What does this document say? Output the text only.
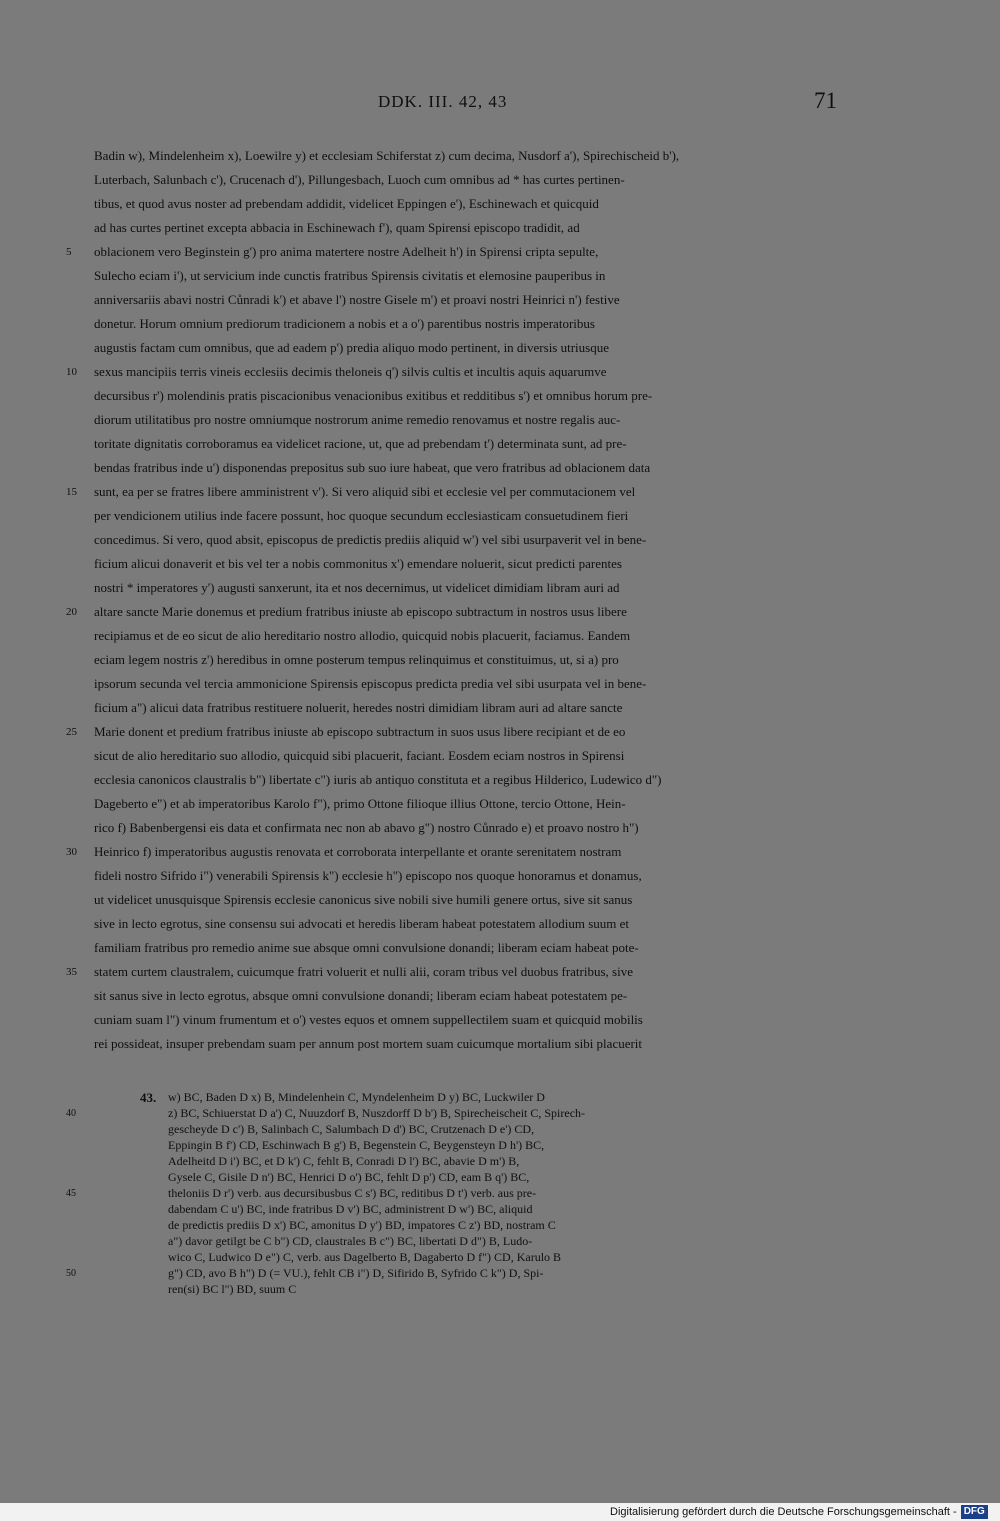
DDK. III. 42, 43	71
Badin w), Mindelenheim x), Loewilre y) et ecclesiam Schiferstat z) cum decima, Nusdorf a'), Spirechischeid b'),
Luterbach, Salunbach c'), Crucenach d'), Pillungesbach, Luoch cum omnibus ad * has curtes pertinen-
tibus, et quod avus noster ad prebendam addidit, videlicet Eppingen e'), Eschinewach et quicquid
ad has curtes pertinet excepta abbacia in Eschinewach f'), quam Spirensi episcopo tradidit, ad
oblacionem vero Beginstein g') pro anima matertere nostre Adelheit h') in Spirensi cripta sepulte,
Sulecho eciam i'), ut servicium inde cunctis fratribus Spirensis civitatis et elemosine pauperibus in
anniversariis abavi nostri Cůnradi k') et abave l') nostre Gisele m') et proavi nostri Heinrici n') festive
donetur. Horum omnium prediorum tradicionem a nobis et a o') parentibus nostris imperatoribus
augustis factam cum omnibus, que ad eadem p') predia aliquo modo pertinent, in diversis utriusque
sexus mancipiis terris vineis ecclesiis decimis theloneis q') silvis cultis et incultis aquis aquarumve
decursibus r') molendinis pratis piscacionibus venacionibus exitibus et redditibus s') et omnibus horum pre-
diorum utilitatibus pro nostre omniumque nostrorum anime remedio renovamus et nostre regalis auc-
toritate dignitatis corroboramus ea videlicet racione, ut, que ad prebendam t') determinata sunt, ad pre-
bendas fratribus inde u') disponendas prepositus sub suo iure habeat, que vero fratribus ad oblacionem data
sunt, ea per se fratres libere amministrent v'). Si vero aliquid sibi et ecclesie vel per commutacionem vel
per vendicionem utilius inde facere possunt, hoc quoque secundum ecclesiasticam consuetudinem fieri
concedimus. Si vero, quod absit, episcopus de predictis prediis aliquid w') vel sibi usurpaverit vel in bene-
ficium alicui donaverit et bis vel ter a nobis commonitus x') emendare noluerit, sicut predicti parentes
nostri * imperatores y') augusti sanxerunt, ita et nos decernimus, ut videlicet dimidiam libram auri ad
altare sancte Marie donemus et predium fratribus iniuste ab episcopo subtractum in nostros usus libere
recipiamus et de eo sicut de alio hereditario nostro allodio, quicquid nobis placuerit, faciamus. Eandem
eciam legem nostris z') heredibus in omne posterum tempus relinquimus et constituimus, ut, si a) pro
ipsorum secunda vel tercia ammonicione Spirensis episcopus predicta predia vel sibi usurpata vel in bene-
ficium a") alicui data fratribus restituere noluerit, heredes nostri dimidiam libram auri ad altare sancte
Marie donent et predium fratribus iniuste ab episcopo subtractum in suos usus libere recipiant et de eo
sicut de alio hereditario suo allodio, quicquid sibi placuerit, faciant. Eosdem eciam nostros in Spirensi
ecclesia canonicos claustralis b") libertate c") iuris ab antiquo constituta et a regibus Hilderico, Ludewico d")
Dageberto e") et ab imperatoribus Karolo f"), primo Ottone filioque illius Ottone, tercio Ottone, Hein-
rico f) Babenbergensi eis data et confirmata nec non ab abavo g") nostro Cůnrado e) et proavo nostro h")
Heinrico f) imperatoribus augustis renovata et corroborata interpellante et orante serenitatem nostram
fideli nostro Sifrido i") venerabili Spirensis k") ecclesie h") episcopo nos quoque honoramus et donamus,
ut videlicet unusquisque Spirensis ecclesie canonicus sive nobili sive humili genere ortus, sive sit sanus
sive in lecto egrotus, sine consensu sui advocati et heredis liberam habeat potestatem allodium suum et
familiam fratribus pro remedio anime sue absque omni convulsione donandi; liberam eciam habeat pote-
statem curtem claustralem, cuicumque fratri voluerit et nulli alii, coram tribus vel duobus fratribus, sive
sit sanus sive in lecto egrotus, absque omni convulsione donandi; liberam eciam habeat potestatem pe-
cuniam suam l") vinum frumentum et o') vestes equos et omnem suppellectilem suam et quicquid mobilis
rei possideat, insuper prebendam suam per annum post mortem suam cuicumque mortalium sibi placuerit
5
10
15
20
25
30
35
43. w) BC, Baden D x) B, Mindelenhein C, Myndelenheim D y) BC, Luckwiler D
z) BC, Schiuerstat D a') C, Nuuzdorf B, Nuszdorff D b') B, Spirecheischeit C, Spirech-
gescheyde D c') B, Salinbach C, Salumbach D d') BC, Crutzenach D e') CD,
Eppingin B f') CD, Eschinwach B g') B, Begenstein C, Beygensteyn D h') BC,
Adelheitd D i') BC, et D k') C, fehlt B, Conradi D l') BC, abavie D m') B,
Gysele C, Gisile D n') BC, Henrici D o') BC, fehlt D p') CD, eam B q') BC,
theloniis D r') verb. aus decursibusbus C s') BC, reditibus D t') verb. aus pre-
dabendam C u') BC, inde fratribus D v') BC, administrent D w') BC, aliquid
de predictis prediis D x') BC, amonitus D y') BD, impatores C z') BD, nostram C
a") davor getilgt be C b") CD, claustrales B c") BC, libertati D d") B, Ludo-
wico C, Ludwico D e") C, verb. aus Dagelberto B, Dagaberto D f") CD, Karulo B
g") CD, avo B h") D (= VU.), fehlt CB i") D, Sifirido B, Syfrido C k") D, Spi-
ren(si) BC l") BD, suum C
40
45
50
Digitalisierung gefördert durch die Deutsche Forschungsgemeinschaft - DFG
